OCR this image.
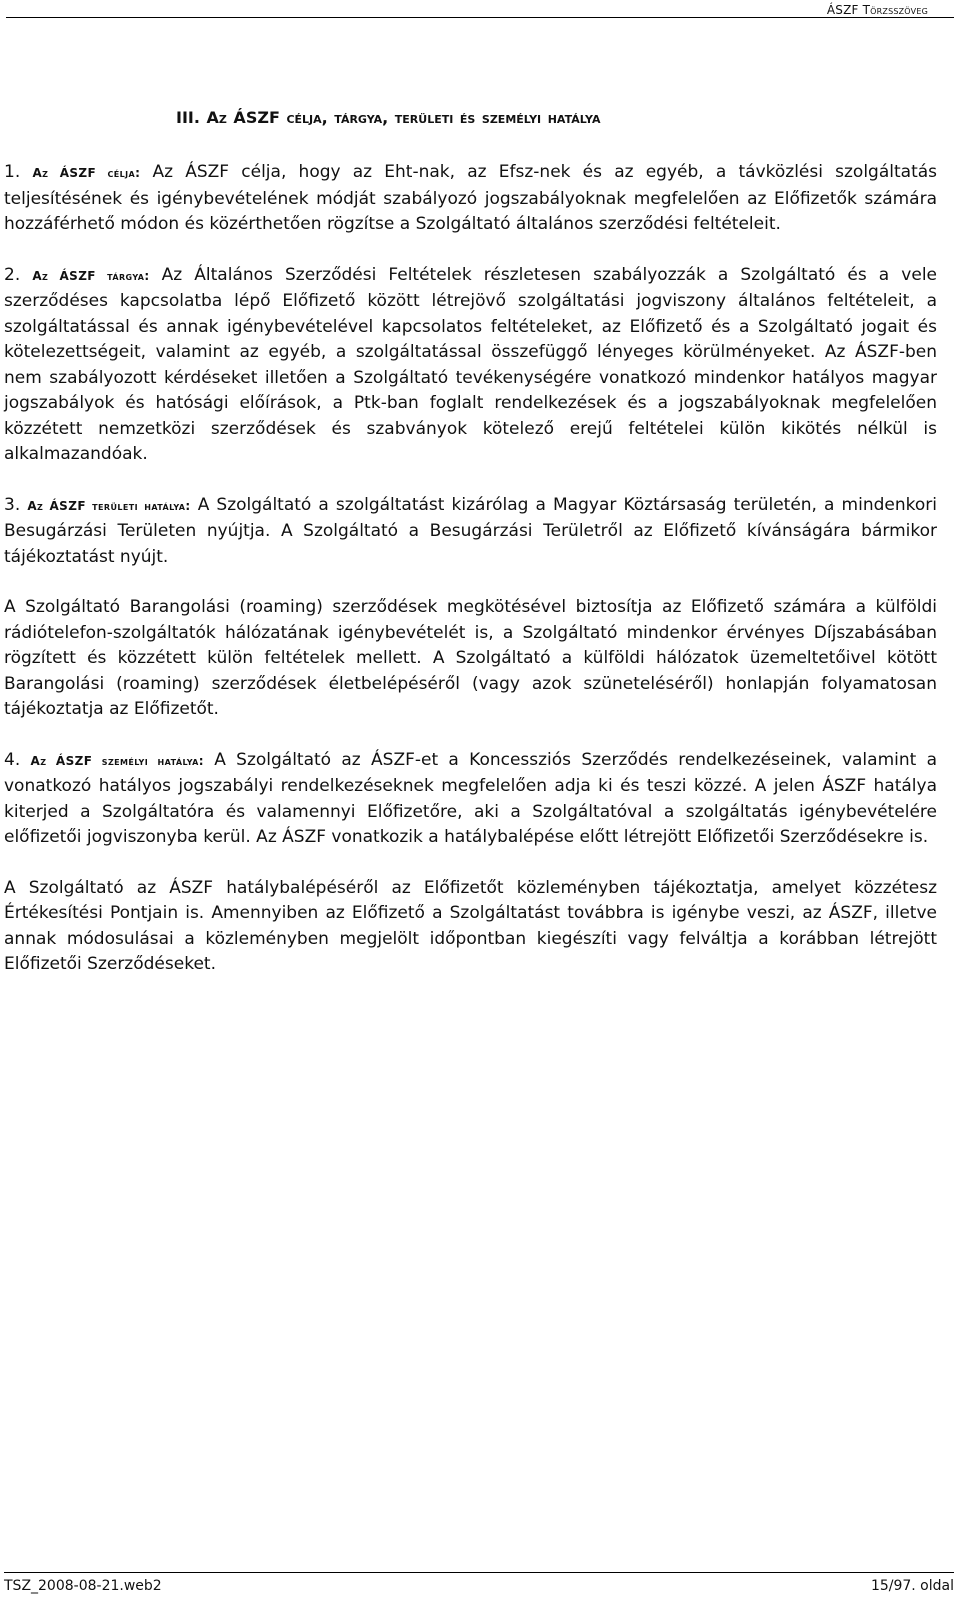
ÁSZF Törzsszöveg
III. Az ÁSZF célja, tárgya, területi és személyi hatálya

1. Az ÁSZF célja: Az ÁSZF célja, hogy az Eht-nak, az Efsz-nek és az egyéb, a távközlési szolgáltatás teljesítésének és igénybevételének módját szabályozó jogszabályoknak megfelelően az Előfizetők számára hozzáférhető módon és közérthetően rögzítse a Szolgáltató általános szerződési feltételeit.

2. Az ÁSZF tárgya: Az Általános Szerződési Feltételek részletesen szabályozzák a Szolgáltató és a vele szerződéses kapcsolatba lépő Előfizető között létrejövő szolgáltatási jogviszony általános feltételeit, a szolgáltatással és annak igénybevételével kapcsolatos feltételeket, az Előfizető és a Szolgáltató jogait és kötelezettségeit, valamint az egyéb, a szolgáltatással összefüggő lényeges körülményeket. Az ÁSZF-ben nem szabályozott kérdéseket illetően a Szolgáltató tevékenységére vonatkozó mindenkor hatályos magyar jogszabályok és hatósági előírások, a Ptk-ban foglalt rendelkezések és a jogszabályoknak megfelelően közzétett nemzetközi szerződések és szabványok kötelező erejű feltételei külön kikötés nélkül is alkalmazandóak.

3. Az ÁSZF területi hatálya: A Szolgáltató a szolgáltatást kizárólag a Magyar Köztársaság területén, a mindenkori Besugárzási Területen nyújtja. A Szolgáltató a Besugárzási Területről az Előfizető kívánságára bármikor tájékoztatást nyújt.

A Szolgáltató Barangolási (roaming) szerződések megkötésével biztosítja az Előfizető számára a külföldi rádiótelefon-szolgáltatók hálózatának igénybevételét is, a Szolgáltató mindenkor érvényes Díjszabásában rögzített és közzétett külön feltételek mellett. A Szolgáltató a külföldi hálózatok üzemeltetőivel kötött Barangolási (roaming) szerződések életbelépéséről (vagy azok szüneteléséről) honlapján folyamatosan tájékoztatja az Előfizetőt.

4. Az ÁSZF személyi hatálya: A Szolgáltató az ÁSZF-et a Koncessziós Szerződés rendelkezéseinek, valamint a vonatkozó hatályos jogszabályi rendelkezéseknek megfelelően adja ki és teszi közzé. A jelen ÁSZF hatálya kiterjed a Szolgáltatóra és valamennyi Előfizetőre, aki a Szolgáltatóval a szolgáltatás igénybevételére előfizetői jogviszonyba kerül. Az ÁSZF vonatkozik a hatálybalépése előtt létrejött Előfizetői Szerződésekre is.

A Szolgáltató az ÁSZF hatálybalépéséről az Előfizetőt közleményben tájékoztatja, amelyet közzétesz Értékesítési Pontjain is. Amennyiben az Előfizető a Szolgáltatást továbbra is igénybe veszi, az ÁSZF, illetve annak módosulásai a közleményben megjelölt időpontban kiegészíti vagy felváltja a korábban létrejött Előfizetői Szerződéseket.

TSZ_2008-08-21.web2	15/97. oldal
